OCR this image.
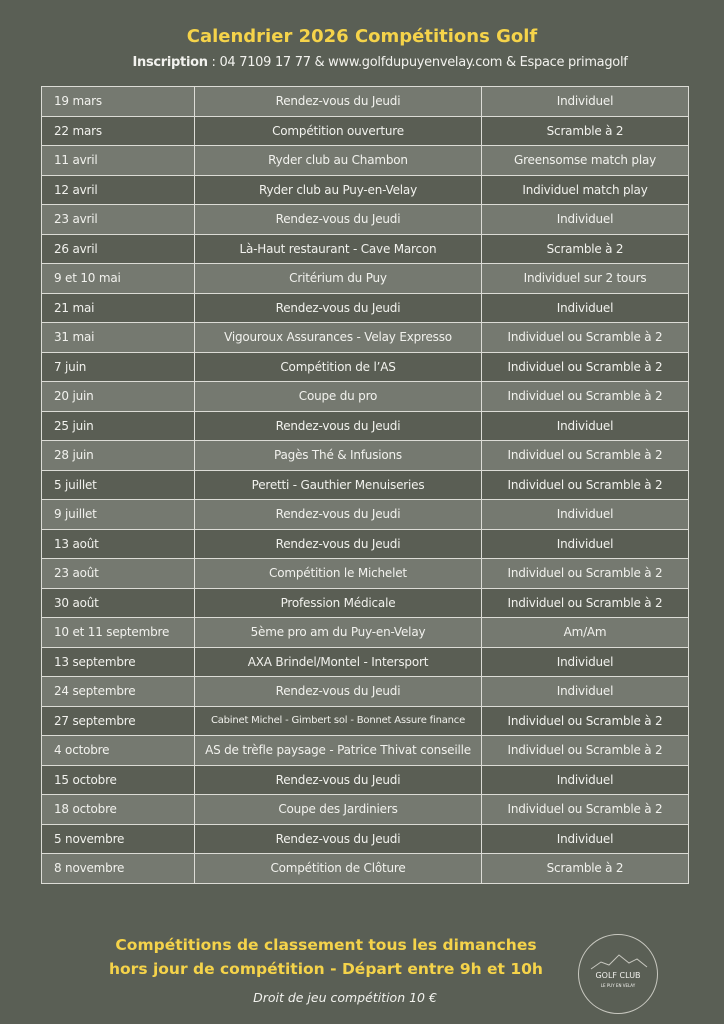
Calendrier 2026 Compétitions Golf
Inscription : 04 7109 17 77 & www.golfdupuyenvelay.com & Espace primagolf
19 mars	Rendez-vous du Jeudi	Individuel
22 mars	Compétition ouverture	Scramble à 2
11 avril	Ryder club au Chambon	Greensomse match play
12 avril	Ryder club au Puy-en-Velay	Individuel match play
23 avril	Rendez-vous du Jeudi	Individuel
26 avril	Là-Haut restaurant - Cave Marcon	Scramble à 2
9 et 10 mai	Critérium du Puy	Individuel sur 2 tours
21 mai	Rendez-vous du Jeudi	Individuel
31 mai	Vigouroux Assurances - Velay Expresso	Individuel ou Scramble à 2
7 juin	Compétition de l’AS	Individuel ou Scramble à 2
20 juin	Coupe du pro	Individuel ou Scramble à 2
25 juin	Rendez-vous du Jeudi	Individuel
28 juin	Pagès Thé & Infusions	Individuel ou Scramble à 2
5 juillet	Peretti - Gauthier Menuiseries	Individuel ou Scramble à 2
9 juillet	Rendez-vous du Jeudi	Individuel
13 août	Rendez-vous du Jeudi	Individuel
23 août	Compétition le Michelet	Individuel ou Scramble à 2
30 août	Profession Médicale	Individuel ou Scramble à 2
10 et 11 septembre	5ème pro am du Puy-en-Velay	Am/Am
13 septembre	AXA Brindel/Montel - Intersport	Individuel
24 septembre	Rendez-vous du Jeudi	Individuel
27 septembre	Cabinet Michel - Gimbert sol - Bonnet Assure finance	Individuel ou Scramble à 2
4 octobre	AS de trèfle paysage - Patrice Thivat conseille	Individuel ou Scramble à 2
15 octobre	Rendez-vous du Jeudi	Individuel
18 octobre	Coupe des Jardiniers	Individuel ou Scramble à 2
5 novembre	Rendez-vous du Jeudi	Individuel
8 novembre	Compétition de Clôture	Scramble à 2
Compétitions de classement tous les dimanches
hors jour de compétition - Départ entre 9h et 10h
Droit de jeu compétition 10 €
GOLF CLUB
LE PUY EN VELAY
